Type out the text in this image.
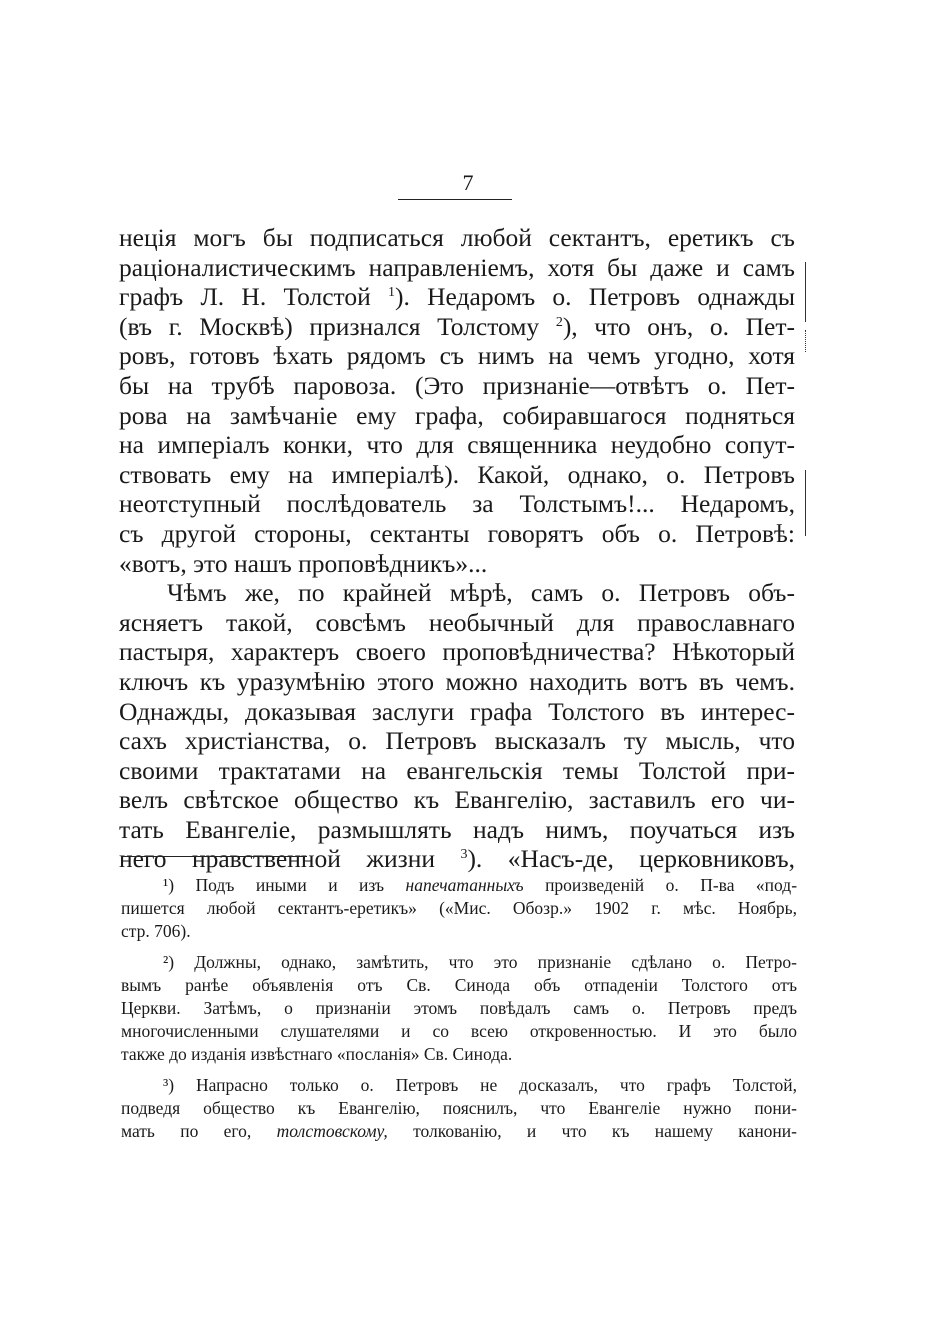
7
нецiя могъ бы подписаться любой сектантъ, еретикъ съ
рацiоналистическимъ направленiемъ, хотя бы даже и самъ
графъ Л. Н. Толстой $^1$). Недаромъ о. Петровъ однажды
(въ г. Москвѣ) признался Толстому $^2$), что онъ, о. Пет-
ровъ, готовъ ѣхать рядомъ съ нимъ на чемъ угодно, хотя
бы на трубѣ паровоза. (Это признанiе—отвѣтъ о. Пет-
рова на замѣчанiе ему графа, собиравшагося подняться
на имперiалъ конки, что для священника неудобно сопут-
ствовать ему на имперiалѣ). Какой, однако, о. Петровъ
неотступный послѣдователь за Толстымъ!... Недаромъ,
съ другой стороны, сектанты говорятъ объ о. Петровѣ:
«вотъ, это нашъ проповѣдникъ»...
Чѣмъ же, по крайней мѣрѣ, самъ о. Петровъ объ-
ясняетъ такой, совсѣмъ необычный для православнаго
пастыря, характеръ своего проповѣдничества? Нѣкоторый
ключъ къ уразумѣнiю этого можно находить вотъ въ чемъ.
Однажды, доказывая заслуги графа Толстого въ интерес-
сахъ христiанства, о. Петровъ высказалъ ту мысль, что
своими трактатами на евангельскiя темы Толстой при-
велъ свѣтское общество къ Евангелiю, заставилъ его чи-
тать Евангелiе, размышлять надъ нимъ, поучаться изъ
него нравственной жизни $^3$). «Насъ-де, церковниковъ,
¹) Подъ иными и изъ напечатанныхъ произведенiй о. П-ва «под-
пишется любой сектантъ-еретикъ» («Мис. Обозр.» 1902 г. мѣс. Ноябрь,
стр. 706).
²) Должны, однако, замѣтить, что это признанiе сдѣлано о. Петро-
вымъ ранѣе объявленiя отъ Св. Синода объ отпаденiи Толстого отъ
Церкви. Затѣмъ, о признанiи этомъ повѣдалъ самъ о. Петровъ предъ
многочисленными слушателями и со всею откровенностью. И это было
также до изданiя извѣстнаго «посланiя» Св. Синода.
³) Напрасно только о. Петровъ не досказалъ, что графъ Толстой,
подведя общество къ Евангелiю, пояснилъ, что Евангелiе нужно пони-
мать по его, толстовскому, толкованiю, и что къ нашему канони-
